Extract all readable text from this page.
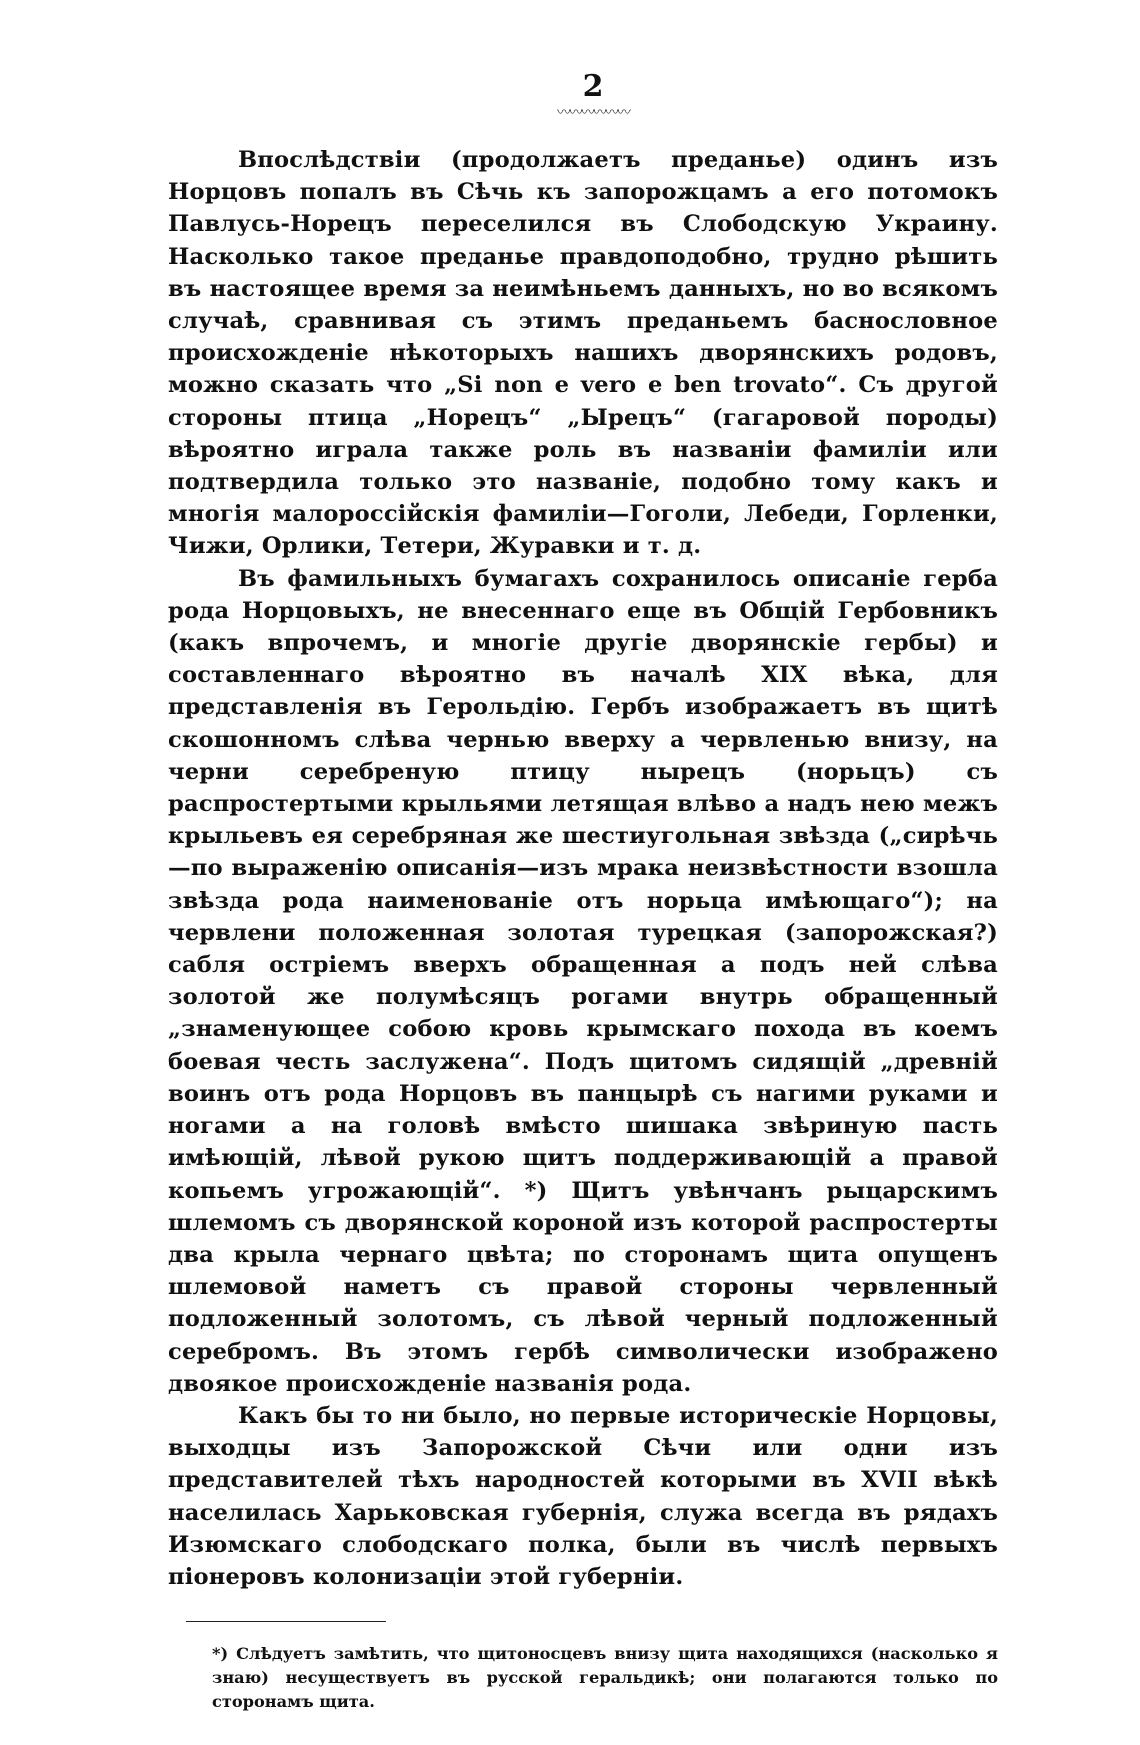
2
〰〰〰〰〰〰

Впослѣдствіи (продолжаетъ преданье) одинъ изъ Норцовъ попалъ въ Сѣчь къ запорожцамъ а его потомокъ Павлусь-Норецъ переселился въ Слободскую Украину. Насколько такое преданье правдоподобно, трудно рѣшить въ настоящее время за неимѣньемъ данныхъ, но во всякомъ случаѣ, сравнивая съ этимъ преданьемъ баснословное происхожденіе нѣкоторыхъ нашихъ дворянскихъ родовъ, можно сказать что „Si non e vero e ben trovato“. Съ другой стороны птица „Норецъ“ „Ырецъ“ (гагаровой породы) вѣроятно играла также роль въ названіи фамиліи или подтвердила только это названіе, подобно тому какъ и многія малороссійскія фамиліи—Гоголи, Лебеди, Горленки, Чижи, Орлики, Тетери, Журавки и т. д.

Въ фамильныхъ бумагахъ сохранилось описаніе герба рода Норцовыхъ, не внесеннаго еще въ Общій Гербовникъ (какъ впрочемъ, и многіе другіе дворянскіе гербы) и составленнаго вѣроятно въ началѣ XIX вѣка, для представленія въ Герольдію. Гербъ изображаетъ въ щитѣ скошонномъ слѣва чернью вверху а червленью внизу, на черни серебреную птицу нырецъ (норьцъ) съ распростертыми крыльями летящая влѣво а надъ нею межъ крыльевъ ея серебряная же шестиугольная звѣзда („сирѣчь—по выраженію описанія—изъ мрака неизвѣстности взошла звѣзда рода наименованіе отъ норьца имѣющаго“); на червлени положенная золотая турецкая (запорожская?) сабля остріемъ вверхъ обращенная а подъ ней слѣва золотой же полумѣсяцъ рогами внутрь обращенный „знаменующее собою кровь крымскаго похода въ коемъ боевая честь заслужена“. Подъ щитомъ сидящій „древній воинъ отъ рода Норцовъ въ панцырѣ съ нагими руками и ногами а на головѣ вмѣсто шишака звѣриную пасть имѣющій, лѣвой рукою щитъ поддерживающій а правой копьемъ угрожающій“. *) Щитъ увѣнчанъ рыцарскимъ шлемомъ съ дворянской короной изъ которой распростерты два крыла чернаго цвѣта; по сторонамъ щита опущенъ шлемовой наметъ съ правой стороны червленный подложенный золотомъ, съ лѣвой черный подложенный серебромъ. Въ этомъ гербѣ символически изображено двоякое происхожденіе названія рода.

Какъ бы то ни было, но первые историческіе Норцовы, выходцы изъ Запорожской Сѣчи или одни изъ представителей тѣхъ народностей которыми въ XVII вѣкѣ населилась Харьковская губернія, служа всегда въ рядахъ Изюмскаго слободскаго полка, были въ числѣ первыхъ піонеровъ колонизаціи этой губерніи.

*) Слѣдуетъ замѣтить, что щитоносцевъ внизу щита находящихся (насколько я знаю) несуществуетъ въ русской геральдикѣ; они полагаются только по сторонамъ щита.
